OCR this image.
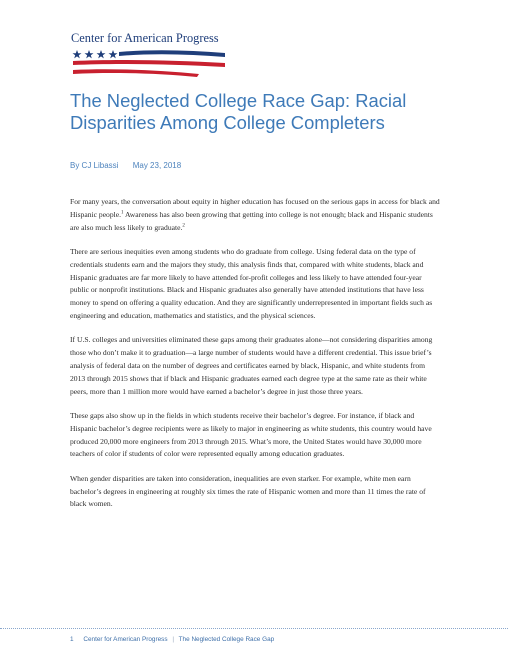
Center for American Progress
The Neglected College Race Gap: Racial Disparities Among College Completers
By CJ Libassi May 23, 2018

For many years, the conversation about equity in higher education has focused on the serious gaps in access for black and Hispanic people.$^1$ Awareness has also been growing that getting into college is not enough; black and Hispanic students are also much less likely to graduate.$^2$

There are serious inequities even among students who do graduate from college. Using federal data on the type of credentials students earn and the majors they study, this analysis finds that, compared with white students, black and Hispanic graduates are far more likely to have attended for-profit colleges and less likely to have attended four-year public or nonprofit institutions. Black and Hispanic graduates also generally have attended institutions that have less money to spend on offering a quality education. And they are significantly underrepresented in important fields such as engineering and education, mathematics and statistics, and the physical sciences.

If U.S. colleges and universities eliminated these gaps among their graduates alone—not considering disparities among those who don’t make it to graduation—a large number of students would have a different credential. This issue brief’s analysis of federal data on the number of degrees and certificates earned by black, Hispanic, and white students from 2013 through 2015 shows that if black and Hispanic graduates earned each degree type at the same rate as their white peers, more than 1 million more would have earned a bachelor’s degree in just those three years.

These gaps also show up in the fields in which students receive their bachelor’s degree. For instance, if black and Hispanic bachelor’s degree recipients were as likely to major in engineering as white students, this country would have produced 20,000 more engineers from 2013 through 2015. What’s more, the United States would have 30,000 more teachers of color if students of color were represented equally among education graduates.

When gender disparities are taken into consideration, inequalities are even starker. For example, white men earn bachelor’s degrees in engineering at roughly six times the rate of Hispanic women and more than 11 times the rate of black women.

1 Center for American Progress | The Neglected College Race Gap
